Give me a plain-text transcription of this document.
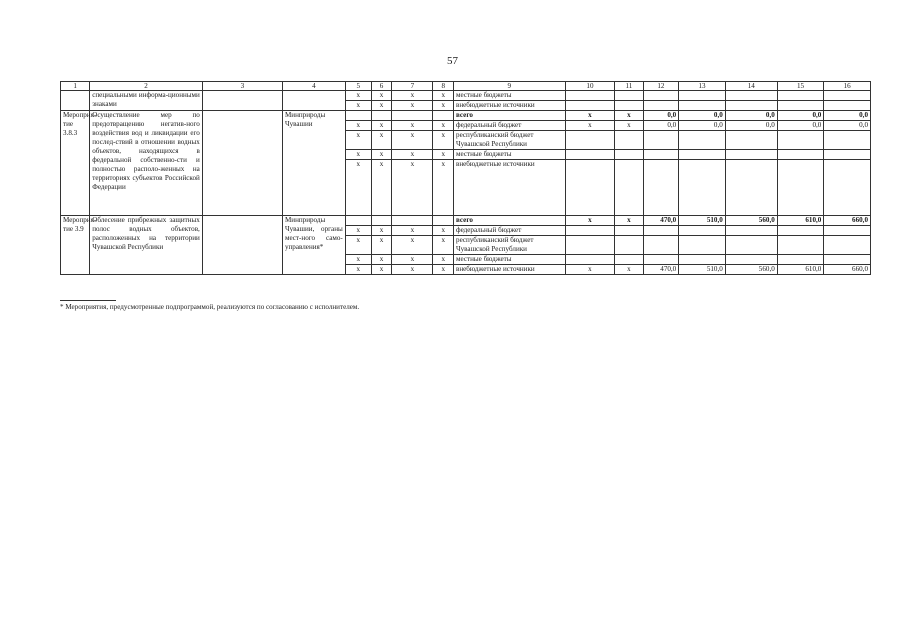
57
1	2	3	4	5	6	7	8	9	10	11	12	13	14	15	16
	специальными информа-ционными знаками			x	x	x	x	местные бюджеты							
				x	x	x	x	внебюджетные источники							
Мероприя-тие 3.8.3	Осуществление мер по предотвращению негатив-ного воздействия вод и ликвидации его послед-ствий в отношении водных объектов, находящихся в федеральной собственно-сти и полностью располо-женных на территориях субъектов Российской Федерации		Минприроды Чувашии					всего	x	x	0,0	0,0	0,0	0,0	0,0
				x	x	x	x	федеральный бюджет	x	x	0,0	0,0	0,0	0,0	0,0
				x	x	x	x	республиканский бюджет Чувашской Республики							
				x	x	x	x	местные бюджеты							
				x	x	x	x	внебюджетные источники							
Мероприя-тие 3.9	Облесение прибрежных защитных полос водных объектов, расположенных на территории Чувашской Республики		Минприроды Чувашии, органы мест-ного само-управления*					всего	x	x	470,0	510,0	560,0	610,0	660,0
				x	x	x	x	федеральный бюджет							
				x	x	x	x	республиканский бюджет Чувашской Республики							
				x	x	x	x	местные бюджеты							
				x	x	x	x	внебюджетные источники	x	x	470,0	510,0	560,0	610,0	660,0
* Мероприятия, предусмотренные подпрограммой, реализуются по согласованию с исполнителем.
